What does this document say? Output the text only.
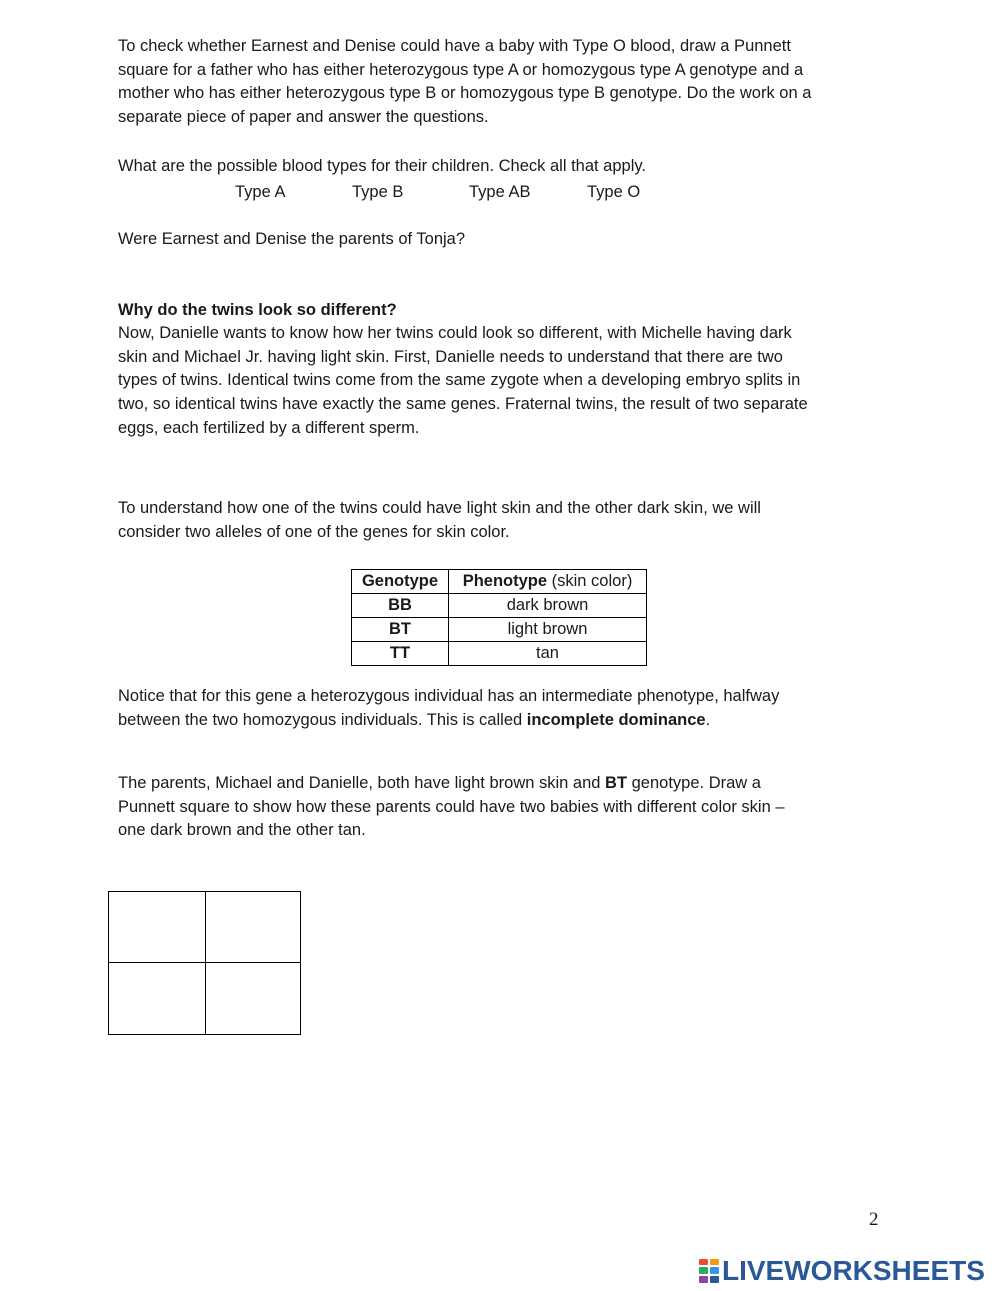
To check whether Earnest and Denise could have a baby with Type O blood, draw a Punnett
square for a father who has either heterozygous type A or homozygous type A genotype and a
mother who has either heterozygous type B or homozygous type B genotype. Do the work on a
separate piece of paper and answer the questions.

What are the possible blood types for their children. Check all that apply.

Type A	Type B	Type AB	Type O

Were Earnest and Denise the parents of Tonja?

Why do the twins look so different?

Now, Danielle wants to know how her twins could look so different, with Michelle having dark
skin and Michael Jr. having light skin. First, Danielle needs to understand that there are two
types of twins. Identical twins come from the same zygote when a developing embryo splits in
two, so identical twins have exactly the same genes. Fraternal twins, the result of two separate
eggs, each fertilized by a different sperm.
To understand how one of the twins could have light skin and the other dark skin, we will
consider two alleles of one of the genes for skin color.
Genotype	Phenotype (skin color)
BB	dark brown
BT	light brown
TT	tan
Notice that for this gene a heterozygous individual has an intermediate phenotype, halfway
between the two homozygous individuals. This is called incomplete dominance.
The parents, Michael and Danielle, both have light brown skin and BT genotype. Draw a
Punnett square to show how these parents could have two babies with different color skin –
one dark brown and the other tan.
2
LIVEWORKSHEETS
